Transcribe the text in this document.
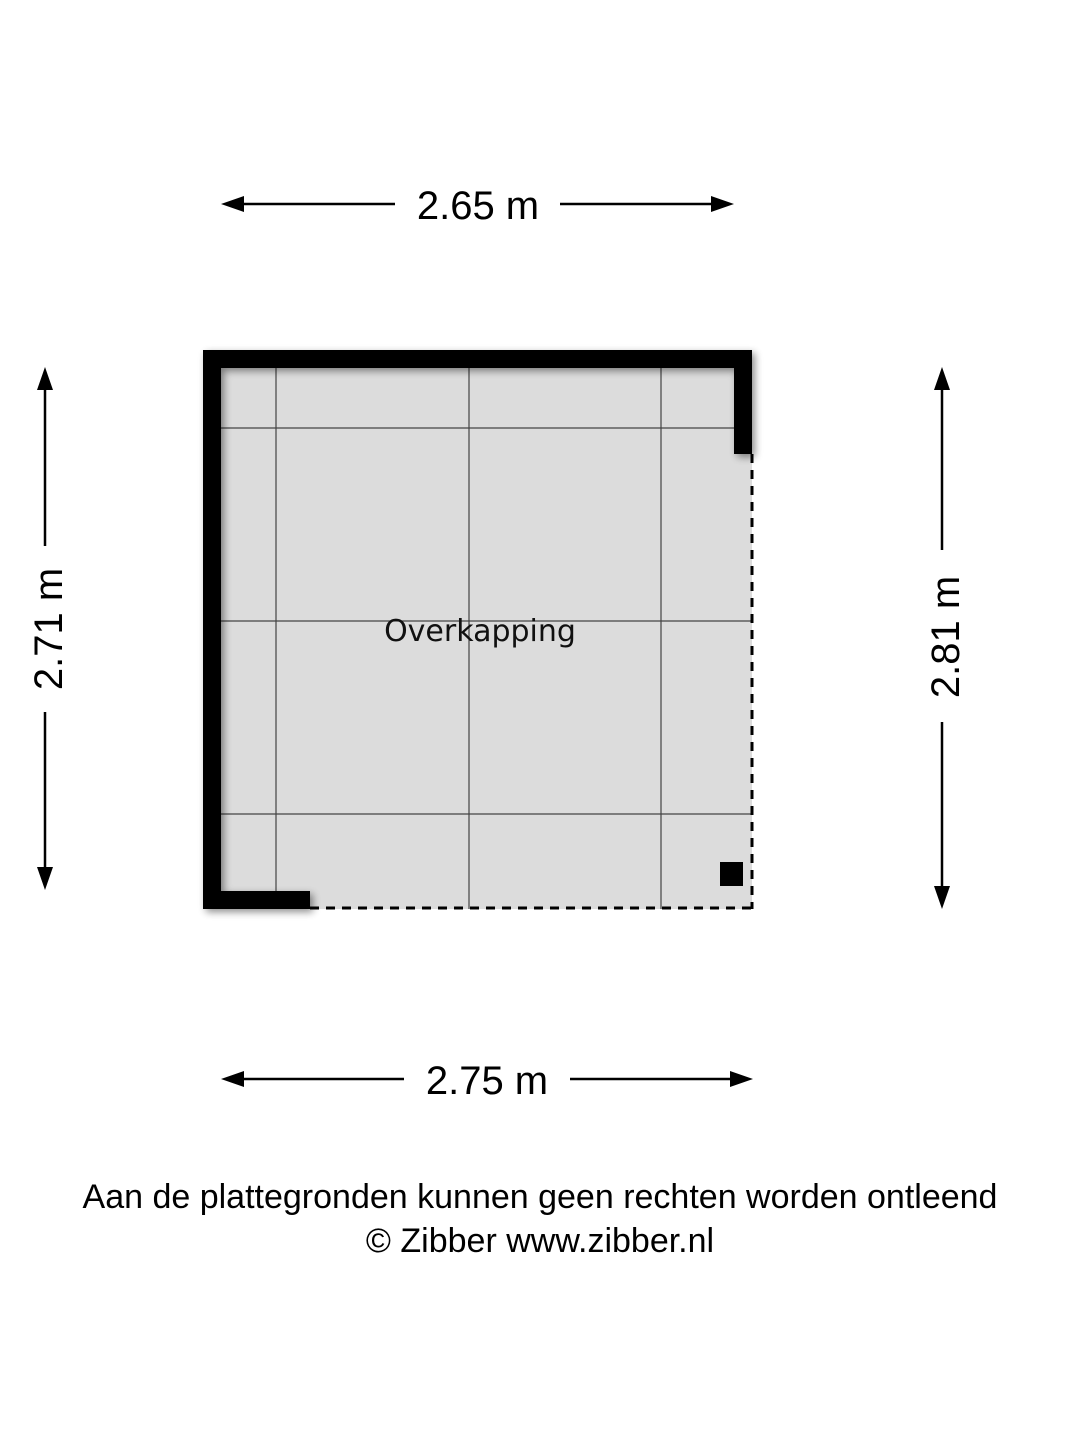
Overkapping
2.65 m
2.75 m
2.71 m	2.81 m
Aan de plattegronden kunnen geen rechten worden ontleend
© Zibber www.zibber.nl
